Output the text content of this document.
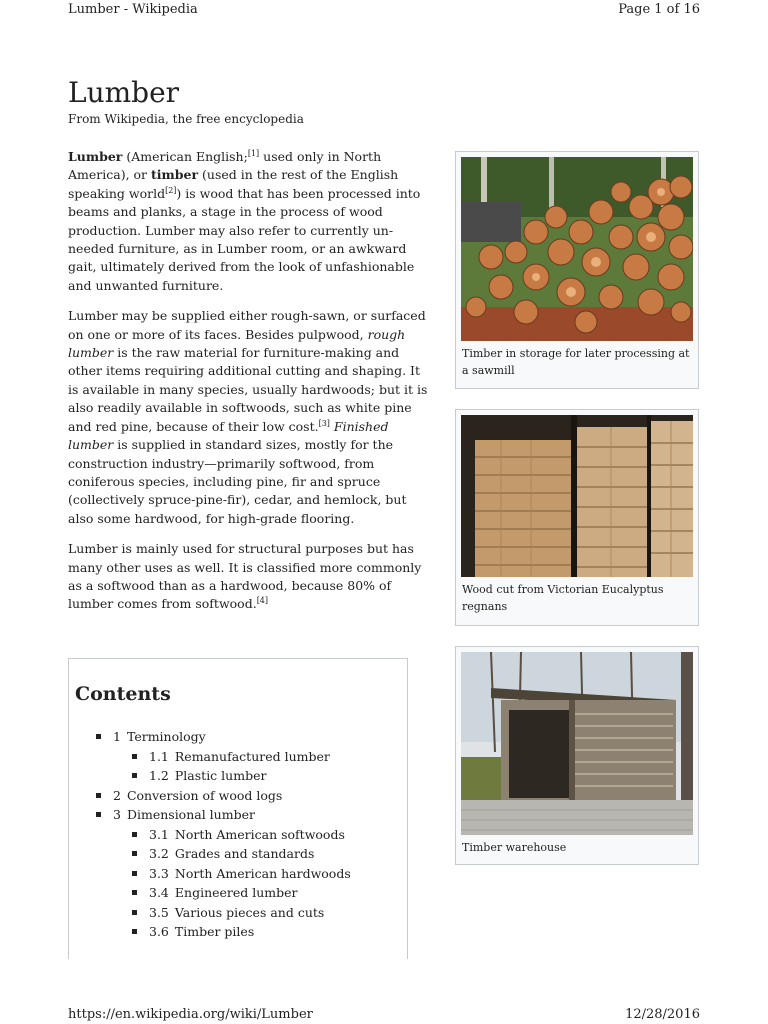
Lumber - Wikipedia	Page 1 of 16
Lumber
From Wikipedia, the free encyclopedia

Lumber (American English;[1] used only in North America), or timber (used in the rest of the English speaking world[2]) is wood that has been processed into beams and planks, a stage in the process of wood production. Lumber may also refer to currently un-needed furniture, as in Lumber room, or an awkward gait, ultimately derived from the look of unfashionable and unwanted furniture.

Lumber may be supplied either rough-sawn, or surfaced on one or more of its faces. Besides pulpwood, rough lumber is the raw material for furniture-making and other items requiring additional cutting and shaping. It is available in many species, usually hardwoods; but it is also readily available in softwoods, such as white pine and red pine, because of their low cost.[3] Finished lumber is supplied in standard sizes, mostly for the construction industry—primarily softwood, from coniferous species, including pine, fir and spruce (collectively spruce-pine-fir), cedar, and hemlock, but also some hardwood, for high-grade flooring.

Lumber is mainly used for structural purposes but has many other uses as well. It is classified more commonly as a softwood than as a hardwood, because 80% of lumber comes from softwood.[4]

Contents
1 Terminology
1.1 Remanufactured lumber
1.2 Plastic lumber
2 Conversion of wood logs
3 Dimensional lumber
3.1 North American softwoods
3.2 Grades and standards
3.3 North American hardwoods
3.4 Engineered lumber
3.5 Various pieces and cuts
3.6 Timber piles
Timber in storage for later processing at a sawmill
Wood cut from Victorian Eucalyptus regnans
Timber warehouse
https://en.wikipedia.org/wiki/Lumber	12/28/2016
